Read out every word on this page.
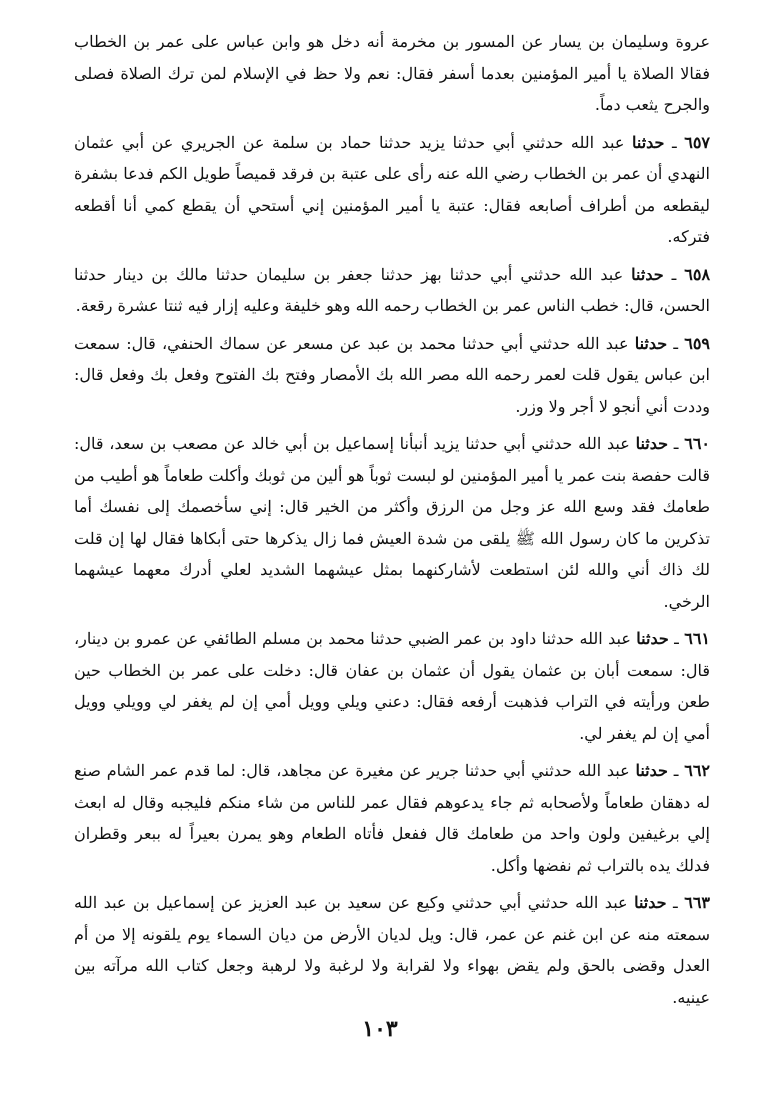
عروة وسليمان بن يسار عن المسور بن مخرمة أنه دخل هو وابن عباس على عمر بن الخطاب فقالا الصلاة يا أمير المؤمنين بعدما أسفر فقال: نعم ولا حظ في الإسلام لمن ترك الصلاة فصلى والجرح يثعب دماً.

٦٥٧ ـ حدثنا عبد الله حدثني أبي حدثنا يزيد حدثنا حماد بن سلمة عن الجريري عن أبي عثمان النهدي أن عمر بن الخطاب رضي الله عنه رأى على عتبة بن فرقد قميصاً طويل الكم فدعا بشفرة ليقطعه من أطراف أصابعه فقال: عتبة يا أمير المؤمنين إني أستحي أن يقطع كمي أنا أقطعه فتركه.

٦٥٨ ـ حدثنا عبد الله حدثني أبي حدثنا بهز حدثنا جعفر بن سليمان حدثنا مالك بن دينار حدثنا الحسن، قال: خطب الناس عمر بن الخطاب رحمه الله وهو خليفة وعليه إزار فيه ثنتا عشرة رقعة.

٦٥٩ ـ حدثنا عبد الله حدثني أبي حدثنا محمد بن عبد عن مسعر عن سماك الحنفي، قال: سمعت ابن عباس يقول قلت لعمر رحمه الله مصر الله بك الأمصار وفتح بك الفتوح وفعل بك وفعل قال: وددت أني أنجو لا أجر ولا وزر.

٦٦٠ ـ حدثنا عبد الله حدثني أبي حدثنا يزيد أنبأنا إسماعيل بن أبي خالد عن مصعب بن سعد، قال: قالت حفصة بنت عمر يا أمير المؤمنين لو لبست ثوباً هو ألين من ثوبك وأكلت طعاماً هو أطيب من طعامك فقد وسع الله عز وجل من الرزق وأكثر من الخير قال: إني سأخصمك إلى نفسك أما تذكرين ما كان رسول الله ﷺ يلقى من شدة العيش فما زال يذكرها حتى أبكاها فقال لها إن قلت لك ذاك أني والله لئن استطعت لأشاركنهما بمثل عيشهما الشديد لعلي أدرك معهما عيشهما الرخي.

٦٦١ ـ حدثنا عبد الله حدثنا داود بن عمر الضبي حدثنا محمد بن مسلم الطائفي عن عمرو بن دينار، قال: سمعت أبان بن عثمان يقول أن عثمان بن عفان قال: دخلت على عمر بن الخطاب حين طعن ورأيته في التراب فذهبت أرفعه فقال: دعني ويلي وويل أمي إن لم يغفر لي وويلي وويل أمي إن لم يغفر لي.

٦٦٢ ـ حدثنا عبد الله حدثني أبي حدثنا جرير عن مغيرة عن مجاهد، قال: لما قدم عمر الشام صنع له دهقان طعاماً ولأصحابه ثم جاء يدعوهم فقال عمر للناس من شاء منكم فليجبه وقال له ابعث إلي برغيفين ولون واحد من طعامك قال ففعل فأتاه الطعام وهو يمرن بعيراً له ببعر وقطران فدلك يده بالتراب ثم نفضها وأكل.

٦٦٣ ـ حدثنا عبد الله حدثني أبي حدثني وكيع عن سعيد بن عبد العزيز عن إسماعيل بن عبد الله سمعته منه عن ابن غنم عن عمر، قال: ويل لديان الأرض من ديان السماء يوم يلقونه إلا من أم العدل وقضى بالحق ولم يقض بهواء ولا لقرابة ولا لرغبة ولا لرهبة وجعل كتاب الله مرآته بين عينيه.

١٠٣
